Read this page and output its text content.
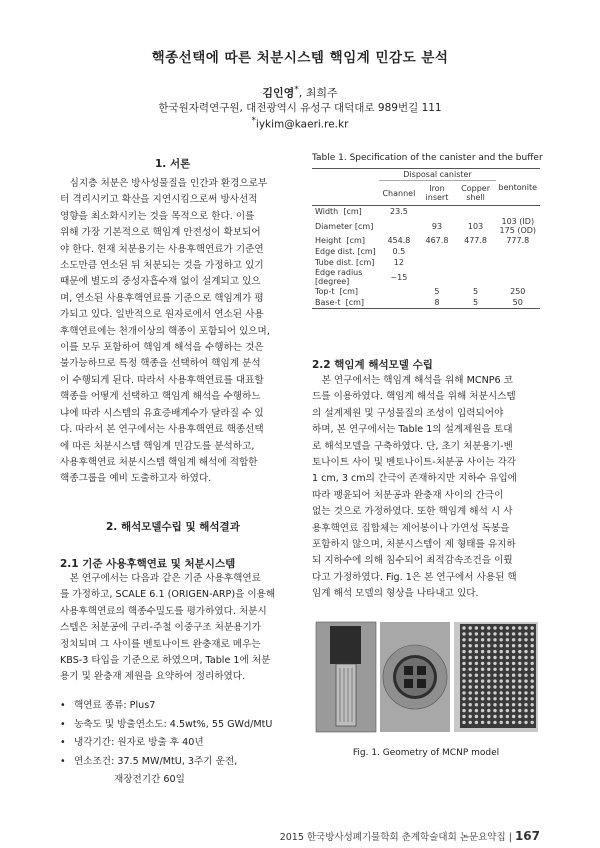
핵종선택에 따른 처분시스템 핵임계 민감도 분석
김인영*, 최희주
한국원자력연구원, 대전광역시 유성구 대덕대로 989번길 111
*iykim@kaeri.re.kr
1. 서론
심지층 처분은 방사성물질을 인간과 환경으로부
터 격리시키고 확산을 지연시킴으로써 방사선적
영향을 최소화시키는 것을 목적으로 한다. 이를
위해 가장 기본적으로 핵임계 안전성이 확보되어
야 한다. 현재 처분용기는 사용후핵연료가 기준연
소도만큼 연소된 뒤 처분되는 것을 가정하고 있기
때문에 별도의 중성자흡수재 없이 설계되고 있으
며, 연소된 사용후핵연료를 기준으로 핵임계가 평
가되고 있다. 일반적으로 원자로에서 연소된 사용
후핵연료에는 천개이상의 핵종이 포함되어 있으며,
이를 모두 포함하여 핵임계 해석을 수행하는 것은
불가능하므로 특정 핵종을 선택하여 핵임계 분석
이 수행되게 된다. 따라서 사용후핵연료를 대표할
핵종을 어떻게 선택하고 핵임계 해석을 수행하느
냐에 따라 시스템의 유효증배계수가 달라질 수 있
다. 따라서 본 연구에서는 사용후핵연료 핵종선택
에 따른 처분시스템 핵임계 민감도를 분석하고,
사용후핵연료 처분시스템 핵임계 해석에 적합한
핵종그룹을 예비 도출하고자 하였다.
2. 해석모델수립 및 해석결과
2.1 기준 사용후핵연료 및 처분시스템
본 연구에서는 다음과 같은 기준 사용후핵연료
를 가정하고, SCALE 6.1 (ORIGEN-ARP)을 이용해
사용후핵연료의 핵종수밀도를 평가하였다. 처분시
스템은 처분공에 구리-주철 이중구조 처분용기가
정치되며 그 사이를 벤토나이트 완충재로 메우는
KBS-3 타입을 기준으로 하였으며, Table 1에 처분
용기 및 완충재 제원을 요약하여 정리하였다.
• 핵연료 종류: Plus7
• 농축도 및 방출연소도: 4.5wt%, 55 GWd/MtU
• 냉각기간: 원자로 방출 후 40년
• 연소조건: 37.5 MW/MtU, 3주기 운전,
재장전기간 60일
Table 1. Specification of the canister and the buffer
	Disposal canister			bentonite
	Channel	Iron insert	Copper shell	
Width  [cm]	23.5			
Diameter [cm]		93	103	103 (ID)
175 (OD)
Height  [cm]	454.8	467.8	477.8	777.8
Edge dist. [cm]	0.5			
Tube dist. [cm]	12			
Edge radius
[degree]	~15			
Top-t  [cm]		5	5	250
Base-t  [cm]		8	5	50
2.2 핵임계 해석모델 수립
본 연구에서는 핵임계 해석을 위해 MCNP6 코
드를 이용하였다. 핵임계 해석을 위해 처분시스템
의 설계제원 및 구성물질의 조성이 입력되어야
하며, 본 연구에서는 Table 1의 설계제원을 토대
로 해석모델을 구축하였다. 단, 초기 처분용기-벤
토나이트 사이 및 벤토나이트-처분공 사이는 각각
1 cm, 3 cm의 간극이 존재하지만 지하수 유입에
따라 팽윤되어 처분공과 완충재 사이의 간극이
없는 것으로 가정하였다. 또한 핵임계 해석 시 사
용후핵연료 집합체는 제어봉이나 가연성 독봉을
포함하지 않으며, 처분시스템이 제 형태를 유지하
되 지하수에 의해 침수되어 최적감속조건을 이뤘
다고 가정하였다. Fig. 1은 본 연구에서 사용된 핵
임계 해석 모델의 형상을 나타내고 있다.
Fig. 1. Geometry of MCNP model
2015 한국방사성폐기물학회 춘계학술대회 논문요약집 | 167
